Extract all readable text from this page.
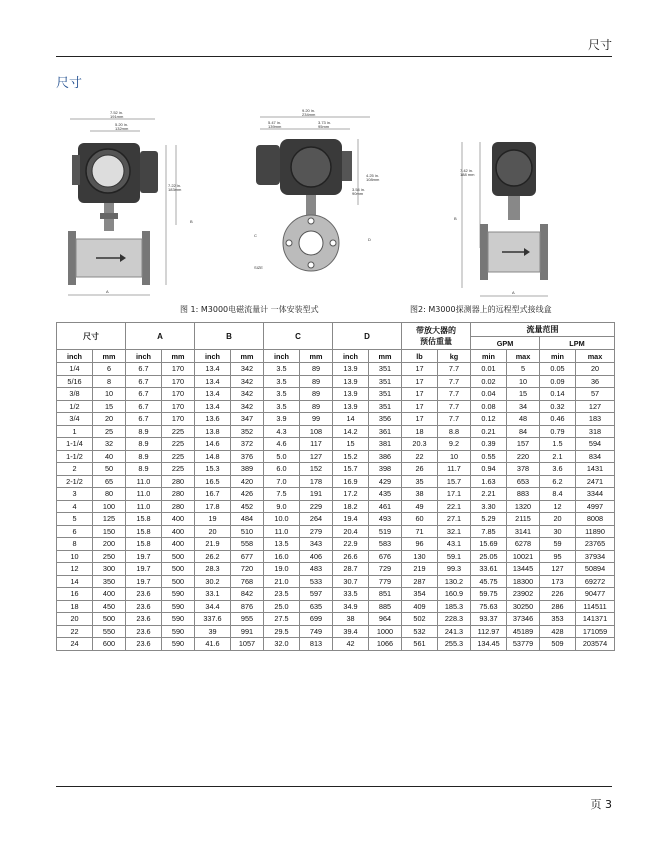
尺寸
尺寸
7.52 in.
191mm
5.20 in.
132mm
7.22 in.
183mm
B
A
9.20 in.
234mm
5.47 in.
139mm
3.73 in.
95mm
4.25 in.
108mm
3.54 in.
90mm
C
SIZE
D
7.42 in.
188 mm
B
A
图 1: M3000电磁流量计 一体安装型式	图2: M3000探测器上的远程型式接线盒
尺寸		A		B		C		D		带放大器的
预估重量		流量范围			
												GPM		LPM	
inch	mm	inch	mm	inch	mm	inch	mm	inch	mm	lb	kg	min	max	min	max
1/4	6	6.7	170	13.4	342	3.5	89	13.9	351	17	7.7	0.01	5	0.05	20
5/16	8	6.7	170	13.4	342	3.5	89	13.9	351	17	7.7	0.02	10	0.09	36
3/8	10	6.7	170	13.4	342	3.5	89	13.9	351	17	7.7	0.04	15	0.14	57
1/2	15	6.7	170	13.4	342	3.5	89	13.9	351	17	7.7	0.08	34	0.32	127
3/4	20	6.7	170	13.6	347	3.9	99	14	356	17	7.7	0.12	48	0.46	183
1	25	8.9	225	13.8	352	4.3	108	14.2	361	18	8.8	0.21	84	0.79	318
1-1/4	32	8.9	225	14.6	372	4.6	117	15	381	20.3	9.2	0.39	157	1.5	594
1-1/2	40	8.9	225	14.8	376	5.0	127	15.2	386	22	10	0.55	220	2.1	834
2	50	8.9	225	15.3	389	6.0	152	15.7	398	26	11.7	0.94	378	3.6	1431
2-1/2	65	11.0	280	16.5	420	7.0	178	16.9	429	35	15.7	1.63	653	6.2	2471
3	80	11.0	280	16.7	426	7.5	191	17.2	435	38	17.1	2.21	883	8.4	3344
4	100	11.0	280	17.8	452	9.0	229	18.2	461	49	22.1	3.30	1320	12	4997
5	125	15.8	400	19	484	10.0	264	19.4	493	60	27.1	5.29	2115	20	8008
6	150	15.8	400	20	510	11.0	279	20.4	519	71	32.1	7.85	3141	30	11890
8	200	15.8	400	21.9	558	13.5	343	22.9	583	96	43.1	15.69	6278	59	23765
10	250	19.7	500	26.2	677	16.0	406	26.6	676	130	59.1	25.05	10021	95	37934
12	300	19.7	500	28.3	720	19.0	483	28.7	729	219	99.3	33.61	13445	127	50894
14	350	19.7	500	30.2	768	21.0	533	30.7	779	287	130.2	45.75	18300	173	69272
16	400	23.6	590	33.1	842	23.5	597	33.5	851	354	160.9	59.75	23902	226	90477
18	450	23.6	590	34.4	876	25.0	635	34.9	885	409	185.3	75.63	30250	286	114511
20	500	23.6	590	337.6	955	27.5	699	38	964	502	228.3	93.37	37346	353	141371
22	550	23.6	590	39	991	29.5	749	39.4	1000	532	241.3	112.97	45189	428	171059
24	600	23.6	590	41.6	1057	32.0	813	42	1066	561	255.3	134.45	53779	509	203574
页 3
